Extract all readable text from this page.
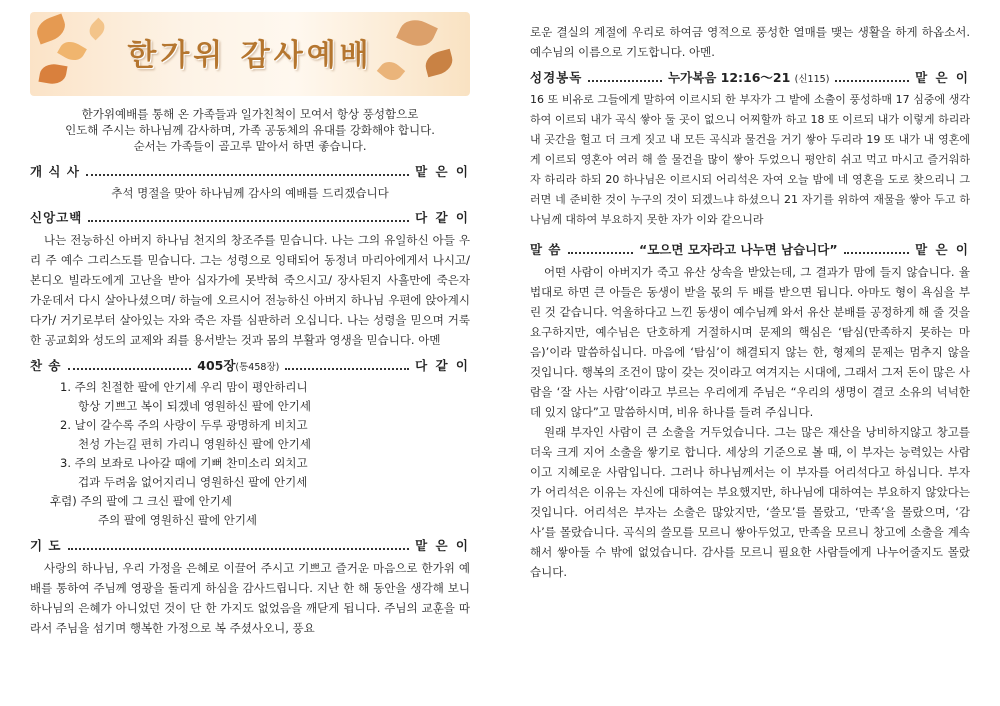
한가위 감사예배
한가위예배를 통해 온 가족들과 일가친척이 모여서 항상 풍성함으로
인도해 주시는 하나님께 감사하며, 가족 공동체의 유대를 강화해야 합니다.
순서는 가족들이 골고루 맡아서 하면 좋습니다.
개 식 사	맡 은 이
추석 명절을 맞아 하나님께 감사의 예배를 드리겠습니다
신앙고백	다 같 이

나는 전능하신 아버지 하나님 천지의 창조주를 믿습니다. 나는 그의 유일하신 아들 우리 주 예수 그리스도를 믿습니다. 그는 성령으로 잉태되어 동정녀 마리아에게서 나시고/ 본디오 빌라도에게 고난을 받아 십자가에 못박혀 죽으시고/ 장사된지 사흘만에 죽은자 가운데서 다시 살아나셨으며/ 하늘에 오르시어 전능하신 아버지 하나님 우편에 앉아계시다가/ 거기로부터 살아있는 자와 죽은 자를 심판하러 오십니다. 나는 성령을 믿으며 거룩한 공교회와 성도의 교제와 죄를 용서받는 것과 몸의 부활과 영생을 믿습니다. 아멘

찬 송	405장(통458장)	다 같 이
1. 주의 친절한 팔에 안기세 우리 맘이 평안하리니
항상 기쁘고 복이 되겠네 영원하신 팔에 안기세
2. 날이 갈수록 주의 사랑이 두루 광명하게 비치고
천성 가는길 편히 가리니 영원하신 팔에 안기세
3. 주의 보좌로 나아갈 때에 기뻐 찬미소리 외치고
겁과 두려움 없어지리니 영원하신 팔에 안기세
후렴) 주의 팔에 그 크신 팔에 안기세
주의 팔에 영원하신 팔에 안기세
기 도	맡 은 이

사랑의 하나님, 우리 가정을 은혜로 이끌어 주시고 기쁘고 즐거운 마음으로 한가위 예배를 통하여 주님께 영광을 돌리게 하심을 감사드립니다. 지난 한 해 동안을 생각해 보니 하나님의 은혜가 아니었던 것이 단 한 가지도 없었음을 깨닫게 됩니다. 주님의 교훈을 따라서 주님을 섬기며 행복한 가정으로 복 주셨사오니, 풍요

로운 결실의 계절에 우리로 하여금 영적으로 풍성한 열매를 맺는 생활을 하게 하옵소서. 예수님의 이름으로 기도합니다. 아멘.

성경봉독	누가복음 12:16～21 (신115)	맡 은 이

16 또 비유로 그들에게 말하여 이르시되 한 부자가 그 밭에 소출이 풍성하매 17 심중에 생각하여 이르되 내가 곡식 쌓아 둘 곳이 없으니 어찌할까 하고 18 또 이르되 내가 이렇게 하리라 내 곳간을 헐고 더 크게 짓고 내 모든 곡식과 물건을 거기 쌓아 두리라 19 또 내가 내 영혼에게 이르되 영혼아 여러 해 쓸 물건을 많이 쌓아 두었으니 평안히 쉬고 먹고 마시고 즐거워하자 하리라 하되 20 하나님은 이르시되 어리석은 자여 오늘 밤에 네 영혼을 도로 찾으리니 그러면 네 준비한 것이 누구의 것이 되겠느냐 하셨으니 21 자기를 위하여 재물을 쌓아 두고 하나님께 대하여 부요하지 못한 자가 이와 같으니라

말 씀	“모으면 모자라고 나누면 남습니다”	맡 은 이

어떤 사람이 아버지가 죽고 유산 상속을 받았는데, 그 결과가 맘에 들지 않습니다. 율법대로 하면 큰 아들은 동생이 받을 몫의 두 배를 받으면 됩니다. 아마도 형이 욕심을 부린 것 같습니다. 억울하다고 느낀 동생이 예수님께 와서 유산 분배를 공정하게 해 줄 것을 요구하지만, 예수님은 단호하게 거절하시며 문제의 핵심은 ‘탐심(만족하지 못하는 마음)’이라 말씀하십니다. 마음에 ‘탐심’이 해결되지 않는 한, 형제의 문제는 멈추지 않을 것입니다. 행복의 조건이 많이 갖는 것이라고 여겨지는 시대에, 그래서 그저 돈이 많은 사람을 ‘잘 사는 사람’이라고 부르는 우리에게 주님은 “우리의 생명이 결코 소유의 넉넉한데 있지 않다”고 말씀하시며, 비유 하나를 들려 주십니다.

원래 부자인 사람이 큰 소출을 거두었습니다. 그는 많은 재산을 낭비하지않고 창고를 더욱 크게 지어 소출을 쌓기로 합니다. 세상의 기준으로 볼 때, 이 부자는 능력있는 사람이고 지혜로운 사람입니다. 그러나 하나님께서는 이 부자를 어리석다고 하십니다. 부자가 어리석은 이유는 자신에 대하여는 부요했지만, 하나님에 대하여는 부요하지 않았다는 것입니다. 어리석은 부자는 소출은 많았지만, ‘쓸모’를 몰랐고, ‘만족’을 몰랐으며, ‘감사’를 몰랐습니다. 곡식의 쓸모를 모르니 쌓아두었고, 만족을 모르니 창고에 소출을 계속해서 쌓아둘 수 밖에 없었습니다. 감사를 모르니 필요한 사람들에게 나누어줄지도 몰랐습니다.
